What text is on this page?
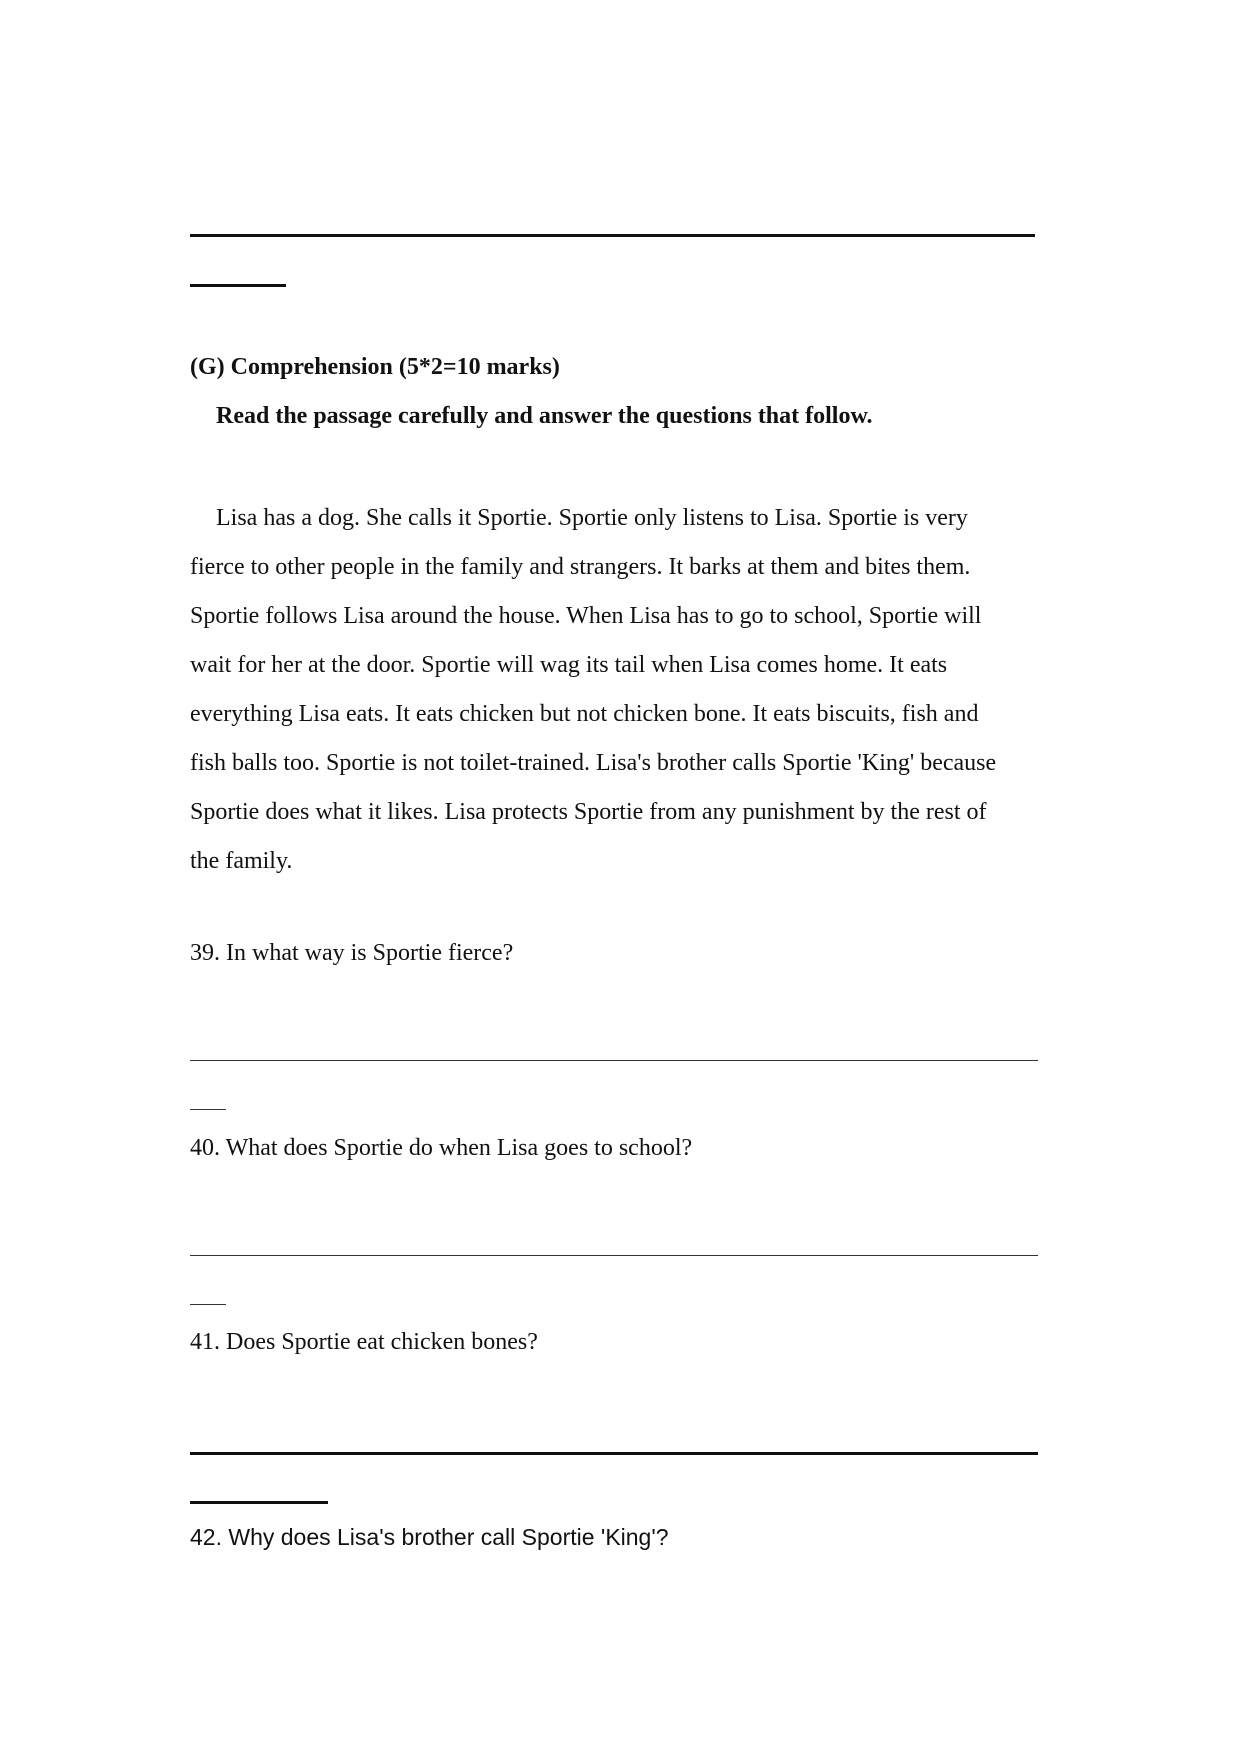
(G) Comprehension (5*2=10 marks)
Read the passage carefully and answer the questions that follow.
Lisa has a dog. She calls it Sportie. Sportie only listens to Lisa. Sportie is very
fierce to other people in the family and strangers. It barks at them and bites them.
Sportie follows Lisa around the house. When Lisa has to go to school, Sportie will
wait for her at the door. Sportie will wag its tail when Lisa comes home. It eats
everything Lisa eats. It eats chicken but not chicken bone. It eats biscuits, fish and
fish balls too. Sportie is not toilet-trained. Lisa's brother calls Sportie 'King' because
Sportie does what it likes. Lisa protects Sportie from any punishment by the rest of
the family.
39. In what way is Sportie fierce?
40. What does Sportie do when Lisa goes to school?
41. Does Sportie eat chicken bones?
42. Why does Lisa's brother call Sportie 'King'?
